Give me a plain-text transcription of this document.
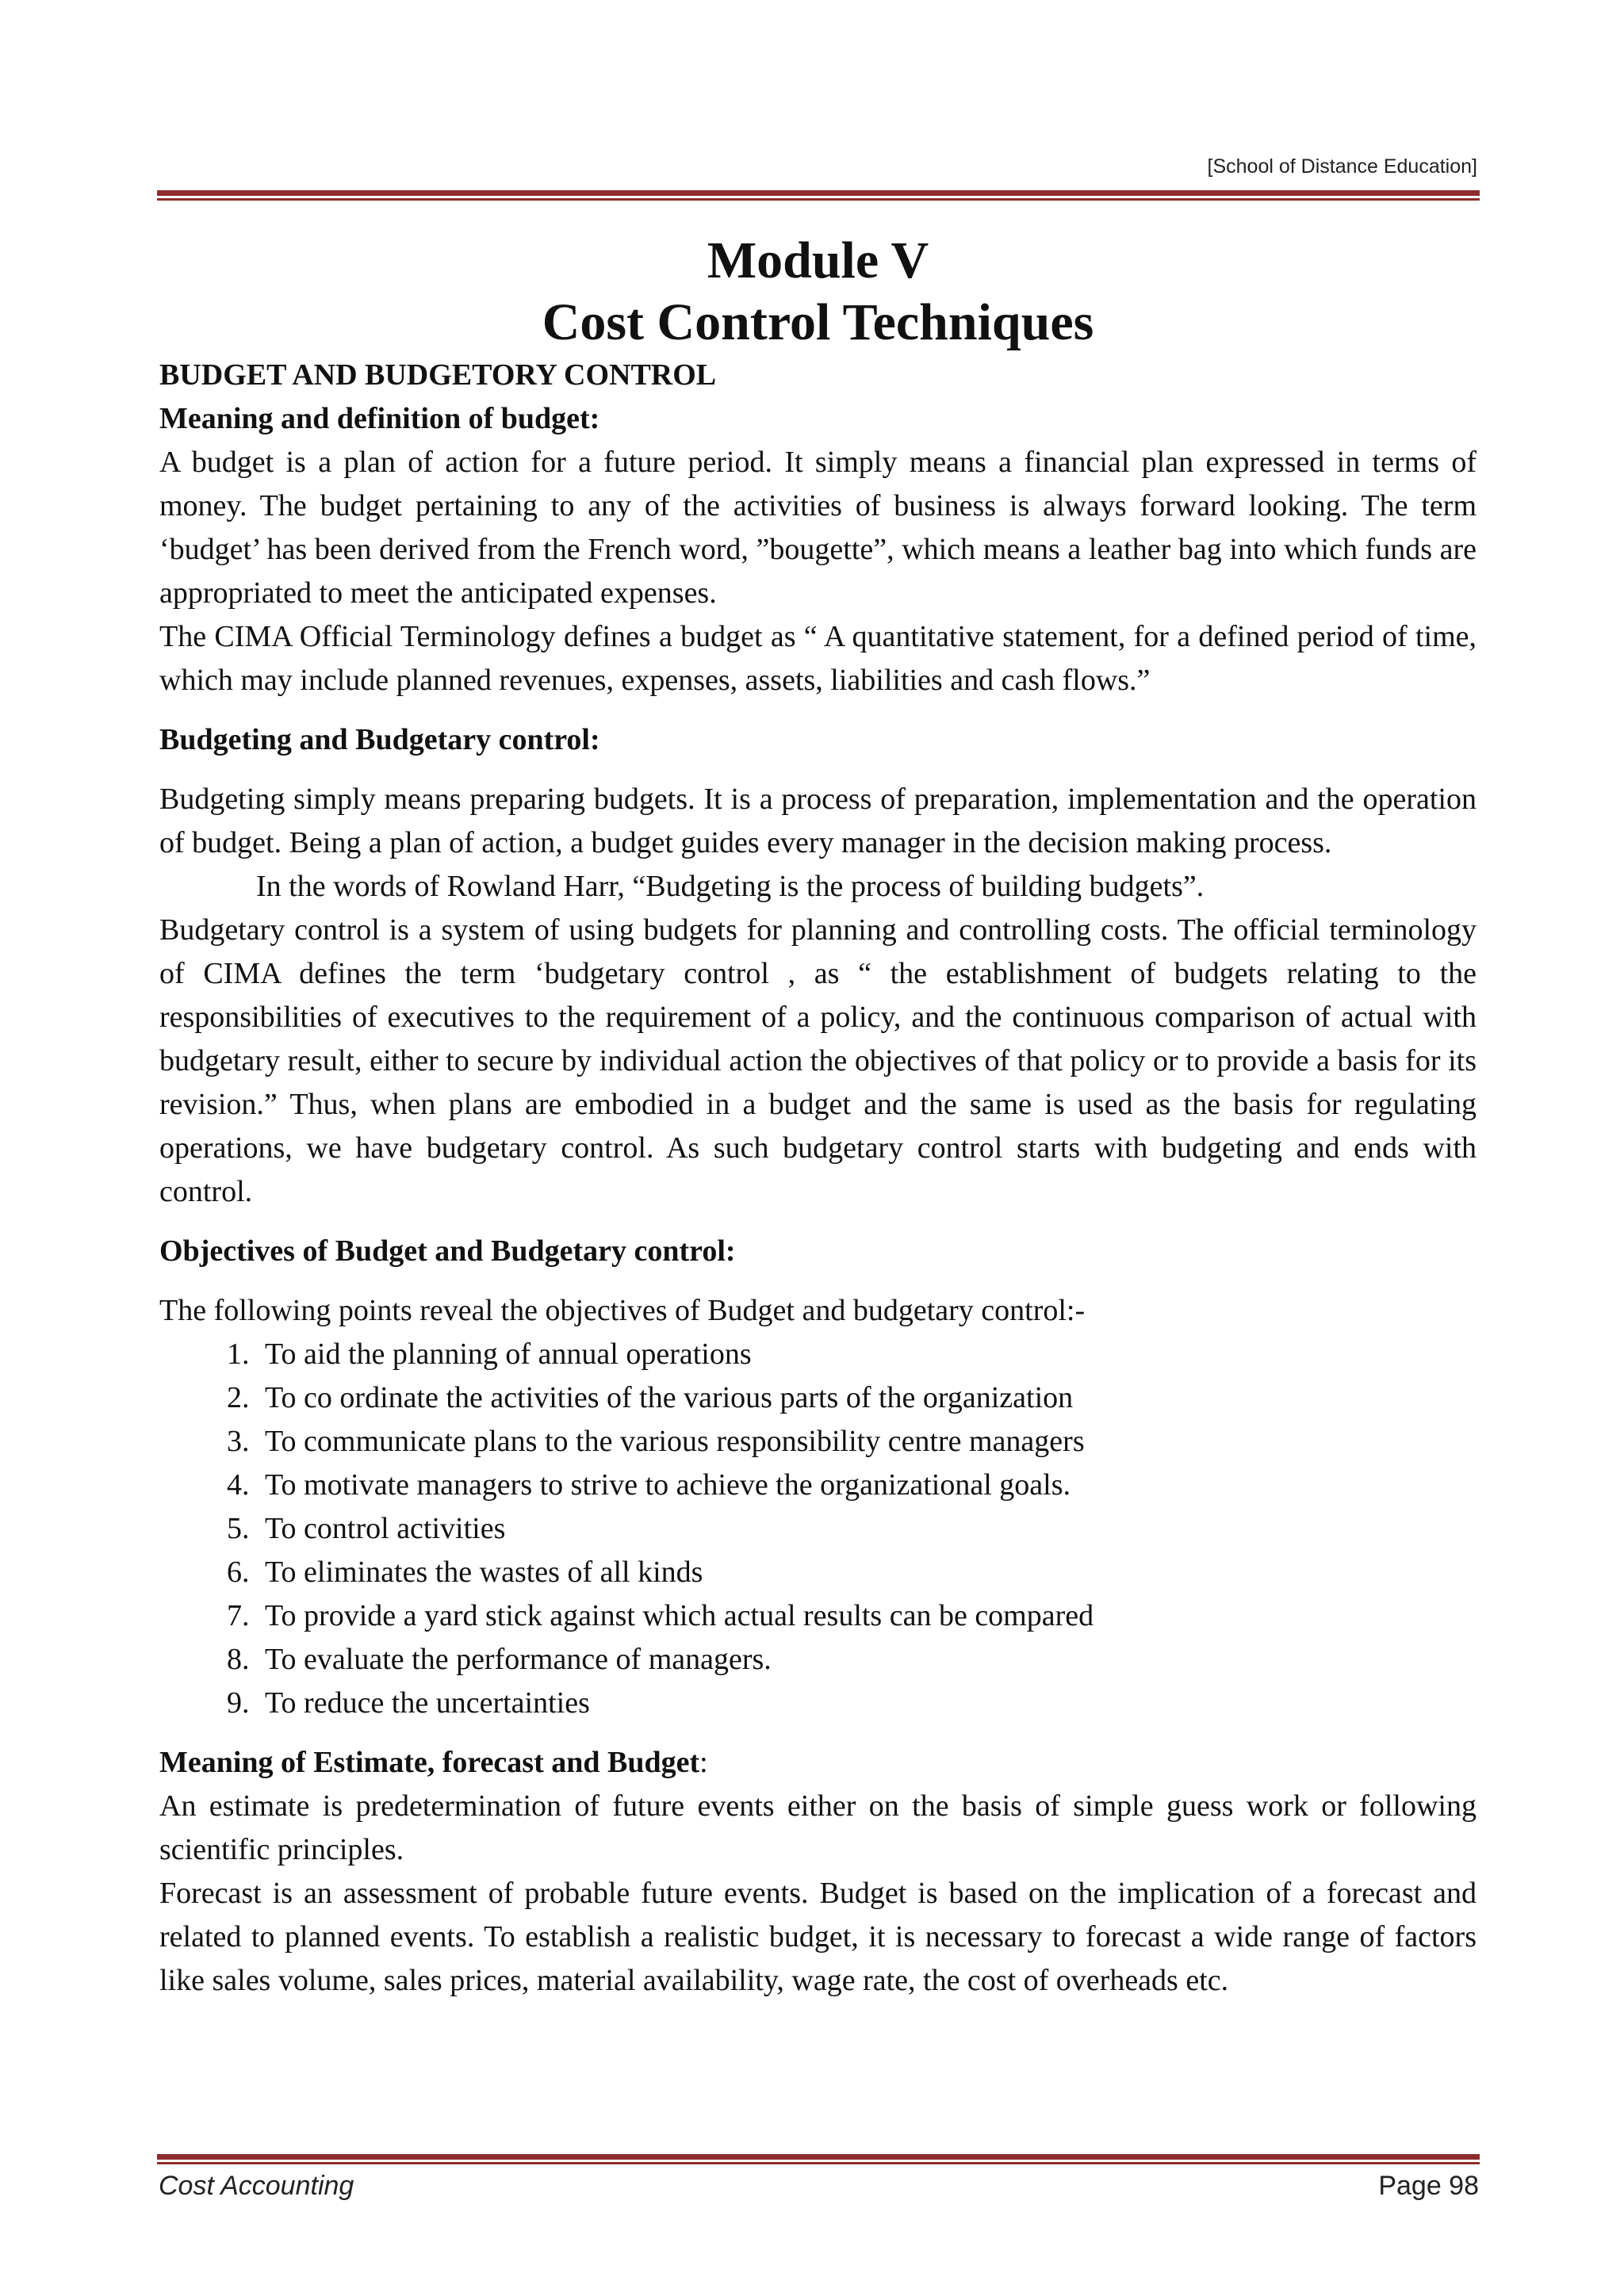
[School of Distance Education]
Module V
Cost Control Techniques
BUDGET AND BUDGETORY CONTROL
Meaning and definition of budget:

A budget is a plan of action for a future period. It simply means a financial plan expressed in terms of money. The budget pertaining to any of the activities of business is always forward looking. The term ‘budget’ has been derived from the French word, ”bougette”, which means a leather bag into which funds are appropriated to meet the anticipated expenses.

The CIMA Official Terminology defines a budget as “ A quantitative statement, for a defined period of time, which may include planned revenues, expenses, assets, liabilities and cash flows.”

Budgeting and Budgetary control:

Budgeting simply means preparing budgets. It is a process of preparation, implementation and the operation of budget. Being a plan of action, a budget guides every manager in the decision making process.

In the words of Rowland Harr, “Budgeting is the process of building budgets”.

Budgetary control is a system of using budgets for planning and controlling costs. The official terminology of CIMA defines the term ‘budgetary control , as “ the establishment of budgets relating to the responsibilities of executives to the requirement of a policy, and the continuous comparison of actual with budgetary result, either to secure by individual action the objectives of that policy or to provide a basis for its revision.” Thus, when plans are embodied in a budget and the same is used as the basis for regulating operations, we have budgetary control. As such budgetary control starts with budgeting and ends with control.

Objectives of Budget and Budgetary control:

The following points reveal the objectives of Budget and budgetary control:-

1. To aid the planning of annual operations
2. To co ordinate the activities of the various parts of the organization
3. To communicate plans to the various responsibility centre managers
4. To motivate managers to strive to achieve the organizational goals.
5. To control activities
6. To eliminates the wastes of all kinds
7. To provide a yard stick against which actual results can be compared
8. To evaluate the performance of managers.
9. To reduce the uncertainties
Meaning of Estimate, forecast and Budget:

An estimate is predetermination of future events either on the basis of simple guess work or following scientific principles.

Forecast is an assessment of probable future events. Budget is based on the implication of a forecast and related to planned events. To establish a realistic budget, it is necessary to forecast a wide range of factors like sales volume, sales prices, material availability, wage rate, the cost of overheads etc.

Cost Accounting	Page 98
